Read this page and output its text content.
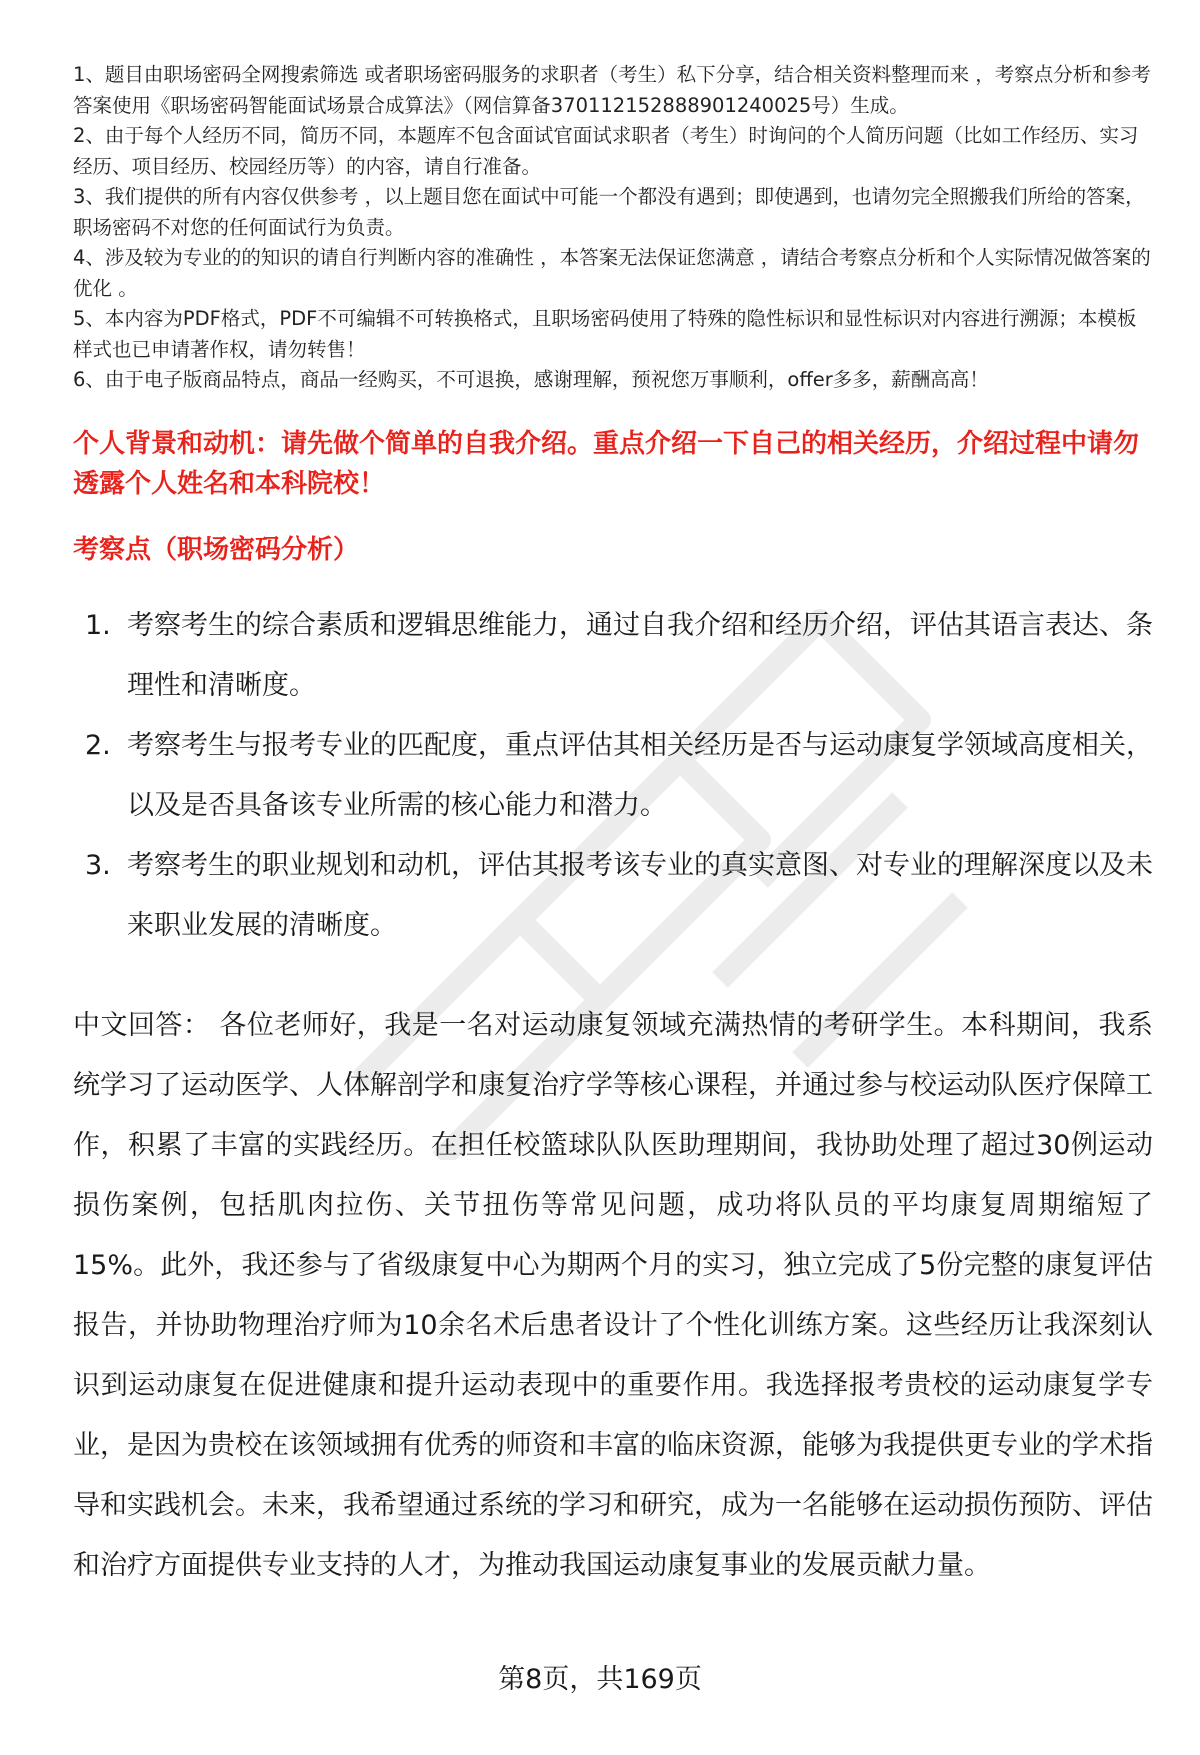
1、题目由职场密码全网搜索筛选 或者职场密码服务的求职者（考生）私下分享，结合相关资料整理而来 ，考察点分析和参考答案使用《职场密码智能面试场景合成算法》（网信算备370112152888901240025号）生成。

2、由于每个人经历不同，简历不同，本题库不包含面试官面试求职者（考生）时询问的个人简历问题（比如工作经历、实习经历、项目经历、校园经历等）的内容，请自行准备。

3、我们提供的所有内容仅供参考 ，以上题目您在面试中可能一个都没有遇到；即使遇到，也请勿完全照搬我们所给的答案，职场密码不对您的任何面试行为负责。

4、涉及较为专业的的知识的请自行判断内容的准确性 ，本答案无法保证您满意 ，请结合考察点分析和个人实际情况做答案的优化 。

5、本内容为PDF格式，PDF不可编辑不可转换格式，且职场密码使用了特殊的隐性标识和显性标识对内容进行溯源；本模板样式也已申请著作权，请勿转售！

6、由于电子版商品特点，商品一经购买，不可退换，感谢理解，预祝您万事顺利，offer多多，薪酬高高！

个人背景和动机：请先做个简单的自我介绍。重点介绍一下自己的相关经历，介绍过程中请勿透露个人姓名和本科院校！
考察点（职场密码分析）
1. 考察考生的综合素质和逻辑思维能力，通过自我介绍和经历介绍，评估其语言表达、条理性和清晰度。
2. 考察考生与报考专业的匹配度，重点评估其相关经历是否与运动康复学领域高度相关，以及是否具备该专业所需的核心能力和潜力。
3. 考察考生的职业规划和动机，评估其报考该专业的真实意图、对专业的理解深度以及未来职业发展的清晰度。
中文回答： 各位老师好，我是一名对运动康复领域充满热情的考研学生。本科期间，我系统学习了运动医学、人体解剖学和康复治疗学等核心课程，并通过参与校运动队医疗保障工作，积累了丰富的实践经历。在担任校篮球队队医助理期间，我协助处理了超过30例运动损伤案例，包括肌肉拉伤、关节扭伤等常见问题，成功将队员的平均康复周期缩短了15%。此外，我还参与了省级康复中心为期两个月的实习，独立完成了5份完整的康复评估报告，并协助物理治疗师为10余名术后患者设计了个性化训练方案。这些经历让我深刻认识到运动康复在促进健康和提升运动表现中的重要作用。我选择报考贵校的运动康复学专业，是因为贵校在该领域拥有优秀的师资和丰富的临床资源，能够为我提供更专业的学术指导和实践机会。未来，我希望通过系统的学习和研究，成为一名能够在运动损伤预防、评估和治疗方面提供专业支持的人才，为推动我国运动康复事业的发展贡献力量。
第8页，共169页
